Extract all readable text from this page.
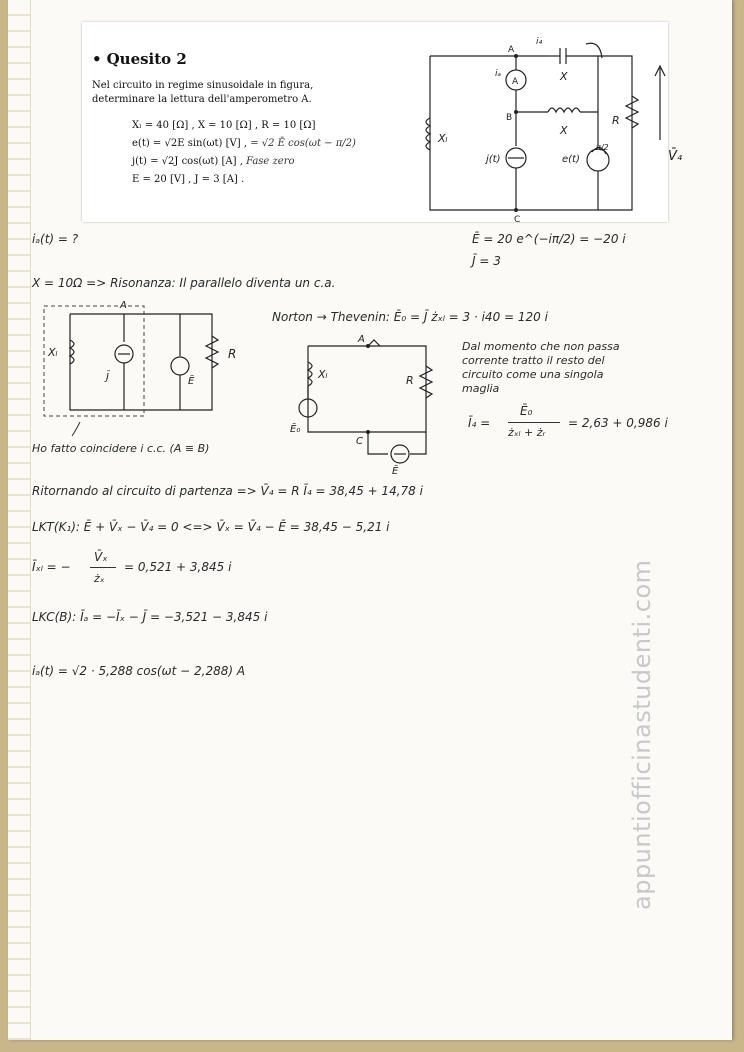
• Quesito 2
Nel circuito in regime sinusoidale in figura,
determinare la lettura dell'amperometro A.
Xₗ = 40 [Ω] , X = 10 [Ω] , R = 10 [Ω]
e(t) = √2E sin(ωt) [V] , = √2 Ē cos(ωt − π/2)
j(t) = √2J cos(ωt) [A] , Fase zero
E = 20 [V] , J = 3 [A] .
A
B
C
A
iₐ
i₄
X
X
Xₗ
R
j(t)	e(t)
π/2
V̄₄
iₐ(t) = ?	Ē = 20 e^(−iπ/2) = −20 i
J̄ = 3
X = 10Ω => Risonanza: Il parallelo diventa un c.a.
A
Xₗ	R
J̄	Ē
Norton → Thevenin: Ē₀ = J̄ żₓₗ = 3 · i40 = 120 i
A
C
Xₗ	R
Ē₀
Ē
Dal momento che non passa
corrente tratto il resto del
circuito come una singola
maglia
Ī₄ =
Ē₀
żₓₗ + żᵣ
= 2,63 + 0,986 i
Ho fatto coincidere i c.c. (A ≡ B)
Ritornando al circuito di partenza => V̄₄ = R Ī₄ = 38,45 + 14,78 i
LKT(K₁): Ē + V̄ₓ − V̄₄ = 0 <=> V̄ₓ = V̄₄ − Ē = 38,45 − 5,21 i
Īₓₗ = −
V̄ₓ
żₓ
= 0,521 + 3,845 i
LKC(B): Īₐ = −Īₓ − J̄ = −3,521 − 3,845 i
iₐ(t) = √2 · 5,288 cos(ωt − 2,288) A	appuntiofficinastudenti.com
